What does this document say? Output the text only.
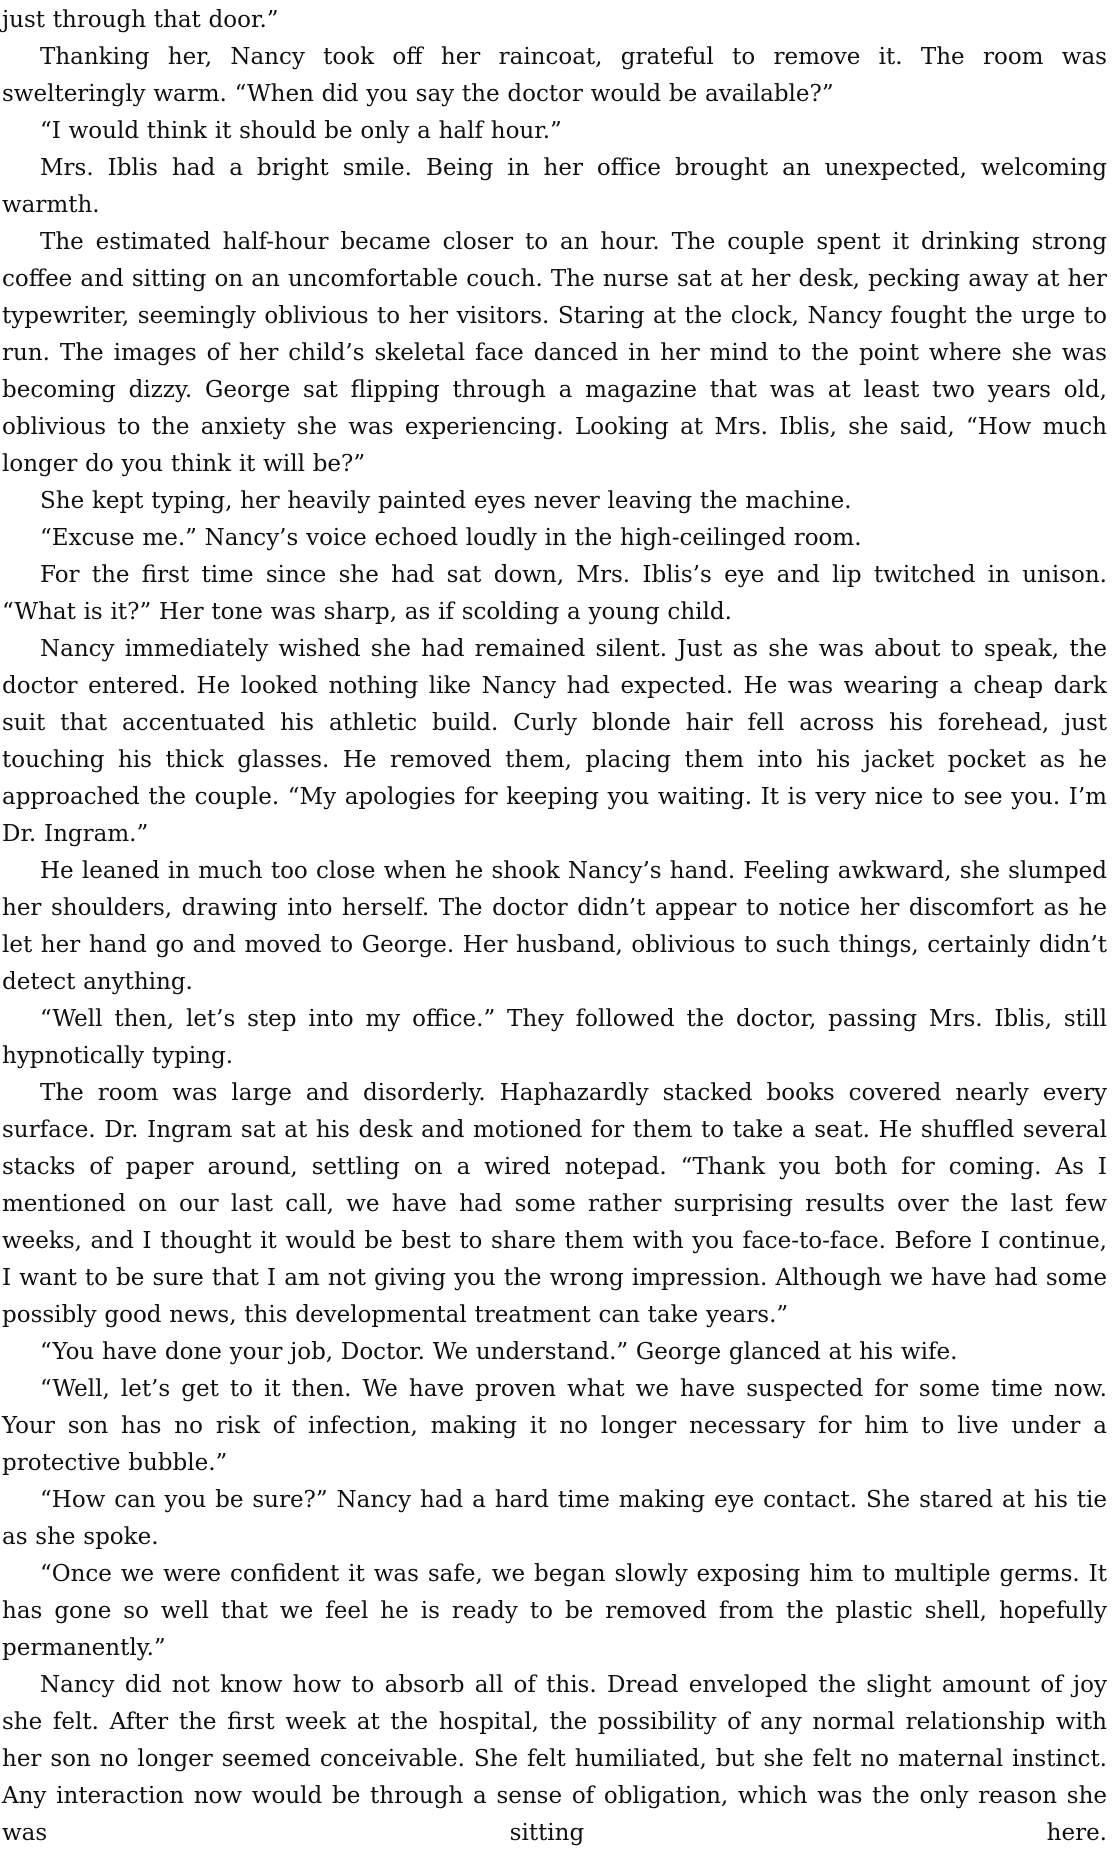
just through that door.”

Thanking her, Nancy took off her raincoat, grateful to remove it. The room was swelteringly warm. “When did you say the doctor would be available?”

“I would think it should be only a half hour.”

Mrs. Iblis had a bright smile. Being in her office brought an unexpected, welcoming warmth.

The estimated half-hour became closer to an hour. The couple spent it drinking strong coffee and sitting on an uncomfortable couch. The nurse sat at her desk, pecking away at her typewriter, seemingly oblivious to her visitors. Staring at the clock, Nancy fought the urge to run. The images of her child’s skeletal face danced in her mind to the point where she was becoming dizzy. George sat flipping through a magazine that was at least two years old, oblivious to the anxiety she was experiencing. Looking at Mrs. Iblis, she said, “How much longer do you think it will be?”

She kept typing, her heavily painted eyes never leaving the machine.

“Excuse me.” Nancy’s voice echoed loudly in the high-ceilinged room.

For the first time since she had sat down, Mrs. Iblis’s eye and lip twitched in unison. “What is it?” Her tone was sharp, as if scolding a young child.

Nancy immediately wished she had remained silent. Just as she was about to speak, the doctor entered. He looked nothing like Nancy had expected. He was wearing a cheap dark suit that accentuated his athletic build. Curly blonde hair fell across his forehead, just touching his thick glasses. He removed them, placing them into his jacket pocket as he approached the couple. “My apologies for keeping you waiting. It is very nice to see you. I’m Dr. Ingram.”

He leaned in much too close when he shook Nancy’s hand. Feeling awkward, she slumped her shoulders, drawing into herself. The doctor didn’t appear to notice her discomfort as he let her hand go and moved to George. Her husband, oblivious to such things, certainly didn’t detect anything.

“Well then, let’s step into my office.” They followed the doctor, passing Mrs. Iblis, still hypnotically typing.

The room was large and disorderly. Haphazardly stacked books covered nearly every surface. Dr. Ingram sat at his desk and motioned for them to take a seat. He shuffled several stacks of paper around, settling on a wired notepad. “Thank you both for coming. As I mentioned on our last call, we have had some rather surprising results over the last few weeks, and I thought it would be best to share them with you face-to-face. Before I continue, I want to be sure that I am not giving you the wrong impression. Although we have had some possibly good news, this developmental treatment can take years.”

“You have done your job, Doctor. We understand.” George glanced at his wife.

“Well, let’s get to it then. We have proven what we have suspected for some time now. Your son has no risk of infection, making it no longer necessary for him to live under a protective bubble.”

“How can you be sure?” Nancy had a hard time making eye contact. She stared at his tie as she spoke.

“Once we were confident it was safe, we began slowly exposing him to multiple germs. It has gone so well that we feel he is ready to be removed from the plastic shell, hopefully permanently.”

Nancy did not know how to absorb all of this. Dread enveloped the slight amount of joy she felt. After the first week at the hospital, the possibility of any normal relationship with her son no longer seemed conceivable. She felt humiliated, but she felt no maternal instinct. Any interaction now would be through a sense of obligation, which was the only reason she was sitting here.
